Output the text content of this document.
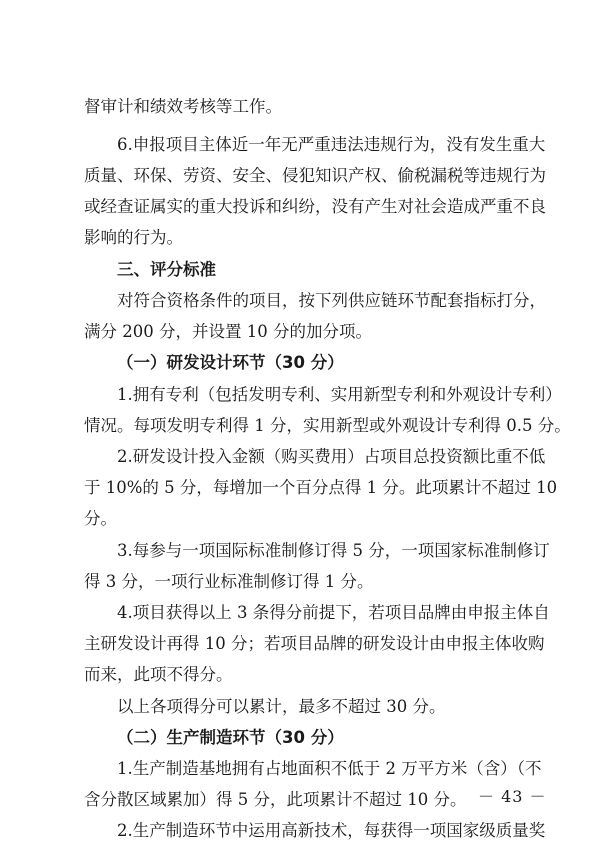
督审计和绩效考核等工作。
6.申报项目主体近一年无严重违法违规行为，没有发生重大
质量、环保、劳资、安全、侵犯知识产权、偷税漏税等违规行为
或经查证属实的重大投诉和纠纷，没有产生对社会造成严重不良
影响的行为。
三、评分标准
对符合资格条件的项目，按下列供应链环节配套指标打分，
满分 200 分，并设置 10 分的加分项。
（一）研发设计环节（30 分）
1.拥有专利（包括发明专利、实用新型专利和外观设计专利）
情况。每项发明专利得 1 分，实用新型或外观设计专利得 0.5 分。
2.研发设计投入金额（购买费用）占项目总投资额比重不低
于 10%的 5 分，每增加一个百分点得 1 分。此项累计不超过 10
分。
3.每参与一项国际标准制修订得 5 分，一项国家标准制修订
得 3 分，一项行业标准制修订得 1 分。
4.项目获得以上 3 条得分前提下，若项目品牌由申报主体自
主研发设计再得 10 分；若项目品牌的研发设计由申报主体收购
而来，此项不得分。
以上各项得分可以累计，最多不超过 30 分。
（二）生产制造环节（30 分）
1.生产制造基地拥有占地面积不低于 2 万平方米（含）（不
含分散区域累加）得 5 分，此项累计不超过 10 分。
2.生产制造环节中运用高新技术，每获得一项国家级质量奖
－ 43 －
